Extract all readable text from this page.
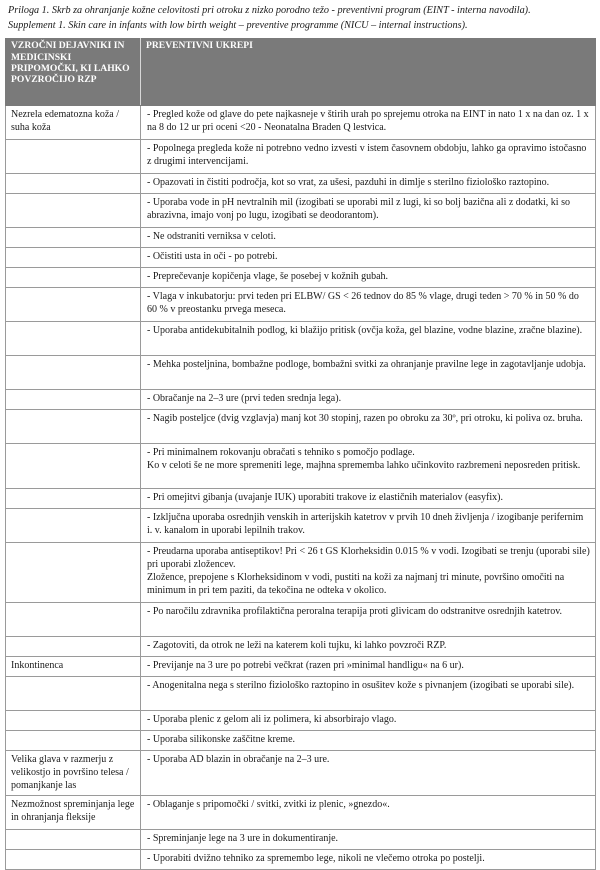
Priloga 1. Skrb za ohranjanje kožne celovitosti pri otroku z nizko porodno težo - preventivni program (EINT - interna navodila).

Supplement 1. Skin care in infants with low birth weight – preventive programme (NICU – internal instructions).

VZROČNI DEJAVNIKI IN MEDICINSKI PRIPOMOČKI, KI LAHKO POVZROČIJO RZP	PREVENTIVNI UKREPI
Nezrela edematozna koža / suha koža	- Pregled kože od glave do pete najkasneje v štirih urah po sprejemu otroka na EINT in nato 1 x na dan oz. 1 x na 8 do 12 ur pri oceni <20 - Neonatalna Braden Q lestvica.

	- Popolnega pregleda kože ni potrebno vedno izvesti v istem časovnem obdobju, lahko ga opravimo istočasno z drugimi intervencijami.

	- Opazovati in čistiti področja, kot so vrat, za ušesi, pazduhi in dimlje s sterilno fiziološko raztopino.

	- Uporaba vode in pH nevtralnih mil (izogibati se uporabi mil z lugi, ki so bolj bazična ali z dodatki, ki so abrazivna, imajo vonj po lugu, izogibati se deodorantom).

	- Ne odstraniti verniksa v celoti.

	- Očistiti usta in oči - po potrebi.

	- Preprečevanje kopičenja vlage, še posebej v kožnih gubah.

	- Vlaga v inkubatorju: prvi teden pri ELBW/ GS < 26 tednov do 85 % vlage, drugi teden > 70 % in 50 % do 60 % v preostanku prvega meseca.

	- Uporaba antidekubitalnih podlog, ki blažijo pritisk (ovčja koža, gel blazine, vodne blazine, zračne blazine).

	- Mehka posteljnina, bombažne podloge, bombažni svitki za ohranjanje pravilne lege in zagotavljanje udobja.

	- Obračanje na 2–3 ure (prvi teden srednja lega).

	- Nagib posteljce (dvig vzglavja) manj kot 30 stopinj, razen po obroku za 30º, pri otroku, ki poliva oz. bruha.

	- Pri minimalnem rokovanju obračati s tehniko s pomočjo podlage.
Ko v celoti še ne more spremeniti lege, majhna sprememba lahko učinkovito razbremeni neposreden pritisk.

	- Pri omejitvi gibanja (uvajanje IUK) uporabiti trakove iz elastičnih materialov (easyfix).

	- Izključna uporaba osrednjih venskih in arterijskih katetrov v prvih 10 dneh življenja / izogibanje perifernim i. v. kanalom in uporabi lepilnih trakov.

	- Preudarna uporaba antiseptikov! Pri < 26 t GS Klorheksidin 0.015 % v vodi. Izogibati se trenju (uporabi sile) pri uporabi zložencev.
Zložence, prepojene s Klorheksidinom v vodi, pustiti na koži za najmanj tri minute, površino omočiti na minimum in pri tem paziti, da tekočina ne odteka v okolico.

	- Po naročilu zdravnika profilaktična peroralna terapija proti glivicam do odstranitve osrednjih katetrov.

	- Zagotoviti, da otrok ne leži na katerem koli tujku, ki lahko povzroči RZP.

Inkontinenca	- Previjanje na 3 ure po potrebi večkrat (razen pri »minimal handligu« na 6 ur).

	- Anogenitalna nega s sterilno fiziološko raztopino in osušitev kože s pivnanjem (izogibati se uporabi sile).

	- Uporaba plenic z gelom ali iz polimera, ki absorbirajo vlago.

	- Uporaba silikonske zaščitne kreme.

Velika glava v razmerju z velikostjo in površino telesa / pomanjkanje las	- Uporaba AD blazin in obračanje na 2–3 ure.

Nezmožnost spreminjanja lege in ohranjanja fleksije	- Oblaganje s pripomočki / svitki, zvitki iz plenic, »gnezdo«.

	- Spreminjanje lege na 3 ure in dokumentiranje.

	- Uporabiti dvižno tehniko za spremembo lege, nikoli ne vlečemo otroka po postelji.
